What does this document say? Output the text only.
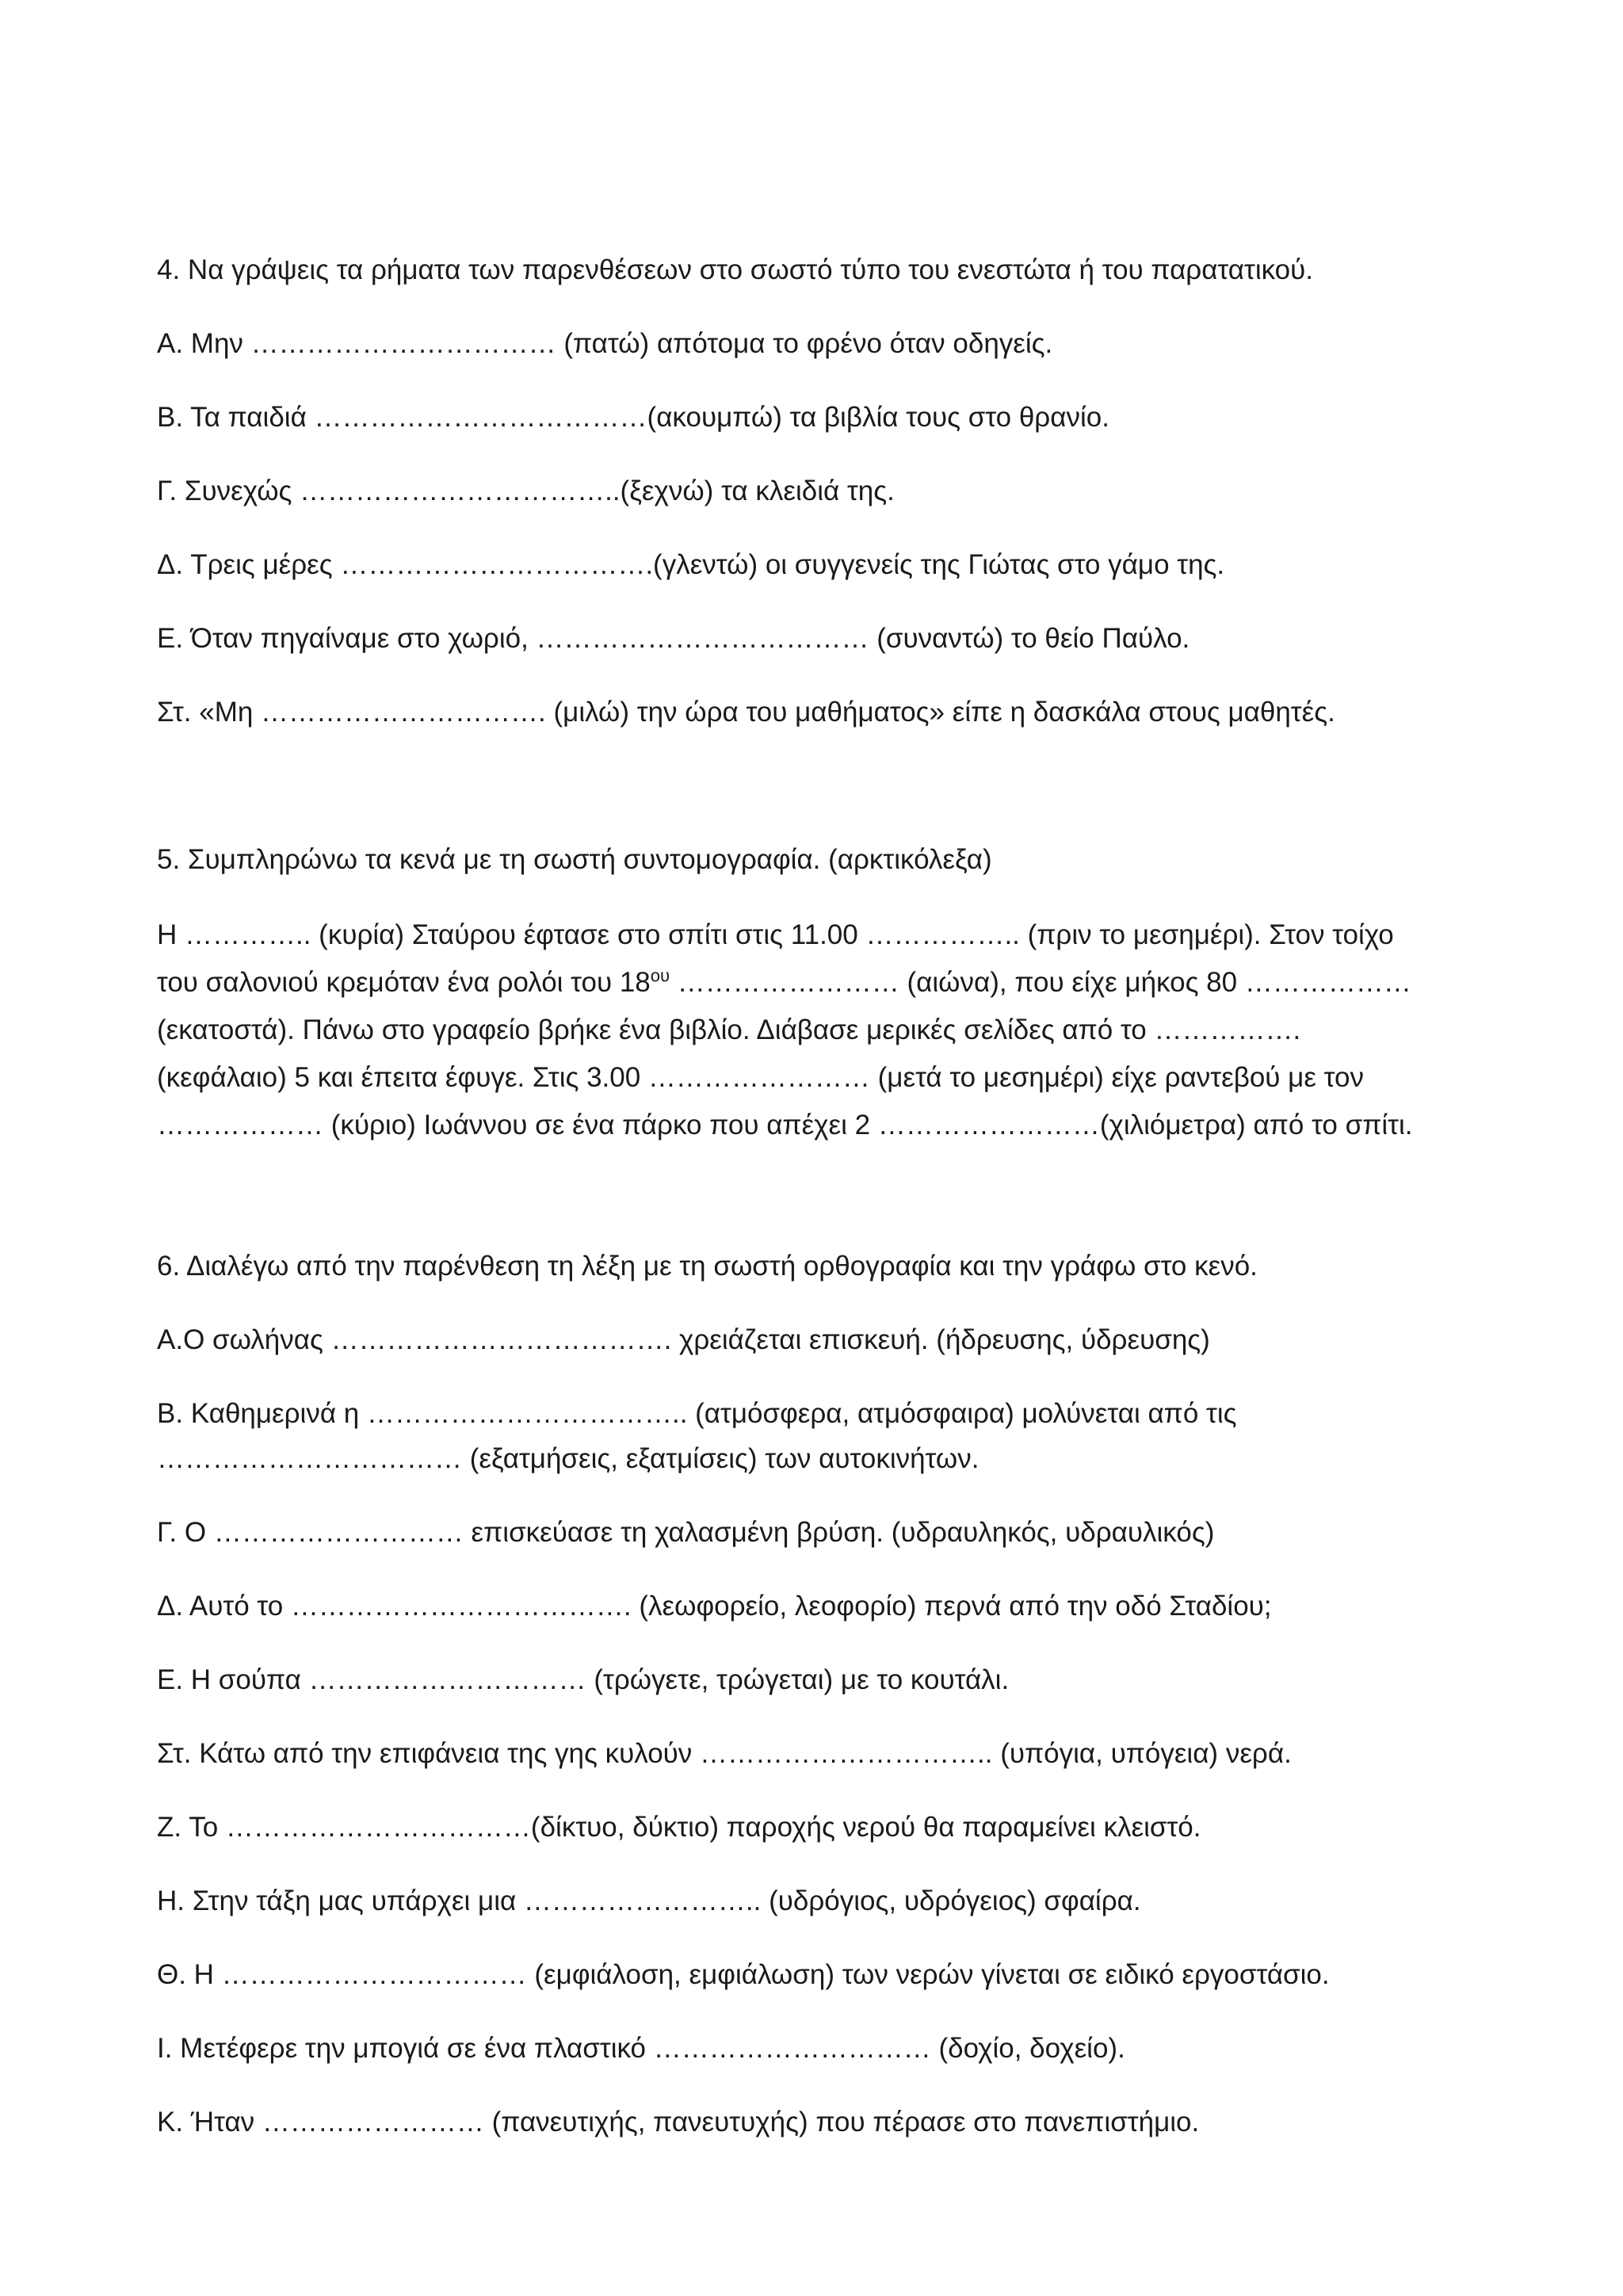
4. Να γράψεις τα ρήματα των παρενθέσεων στο σωστό τύπο του ενεστώτα ή του παρατατικού.
Α. Μην …………………………… (πατώ) απότομα το φρένο όταν οδηγείς.
Β. Τα παιδιά ………………………………(ακουμπώ) τα βιβλία τους στο θρανίο.
Γ. Συνεχώς ……………………………..(ξεχνώ) τα κλειδιά της.
Δ. Τρεις μέρες …………………………….(γλεντώ) οι συγγενείς της Γιώτας στο γάμο της.
Ε. Όταν πηγαίναμε στο χωριό, ……………………………… (συναντώ) το θείο Παύλο.
Στ. «Μη …………………………. (μιλώ) την ώρα του μαθήματος» είπε η δασκάλα στους μαθητές.
5. Συμπληρώνω τα κενά με τη σωστή συντομογραφία. (αρκτικόλεξα)

Η ………….. (κυρία) Σταύρου έφτασε στο σπίτι στις 11.00 …………….. (πριν το μεσημέρι). Στον τοίχο

του σαλονιού κρεμόταν ένα ρολόι του $18^{o\upsilon}$ …………………… (αιώνα), που είχε μήκος 80 ………………

(εκατοστά). Πάνω στο γραφείο βρήκε ένα βιβλίο. Διάβασε μερικές σελίδες από το …………….

(κεφάλαιο) 5 και έπειτα έφυγε. Στις 3.00 …………………… (μετά το μεσημέρι) είχε ραντεβού με τον

……………… (κύριο) Ιωάννου σε ένα πάρκο που απέχει 2 ……………………(χιλιόμετρα) από το σπίτι.

6. Διαλέγω από την παρένθεση τη λέξη με τη σωστή ορθογραφία και την γράφω στο κενό.
Α.Ο σωλήνας ………………………………. χρειάζεται επισκευή. (ήδρευσης, ύδρευσης)
Β. Καθημερινά η …………………………….. (ατμόσφερα, ατμόσφαιρα) μολύνεται από τις
…………………………… (εξατμήσεις, εξατμίσεις) των αυτοκινήτων.
Γ. Ο ……………………… επισκεύασε τη χαλασμένη βρύση. (υδραυληκός, υδραυλικός)
Δ. Αυτό το ………………………………. (λεωφορείο, λεοφορίο) περνά από την οδό Σταδίου;
Ε. Η σούπα ………………………… (τρώγετε, τρώγεται) με το κουτάλι.
Στ. Κάτω από την επιφάνεια της γης κυλούν ………………………….. (υπόγια, υπόγεια) νερά.
Ζ. Το ……………………………(δίκτυο, δύκτιο) παροχής νερού θα παραμείνει κλειστό.
Η. Στην τάξη μας υπάρχει μια …………………….. (υδρόγιος, υδρόγειος) σφαίρα.
Θ. Η …………………………… (εμφιάλοση, εμφιάλωση) των νερών γίνεται σε ειδικό εργοστάσιο.
Ι. Μετέφερε την μπογιά σε ένα πλαστικό ………………………… (δοχίο, δοχείο).
Κ. Ήταν …………………… (πανευτιχής, πανευτυχής) που πέρασε στο πανεπιστήμιο.
